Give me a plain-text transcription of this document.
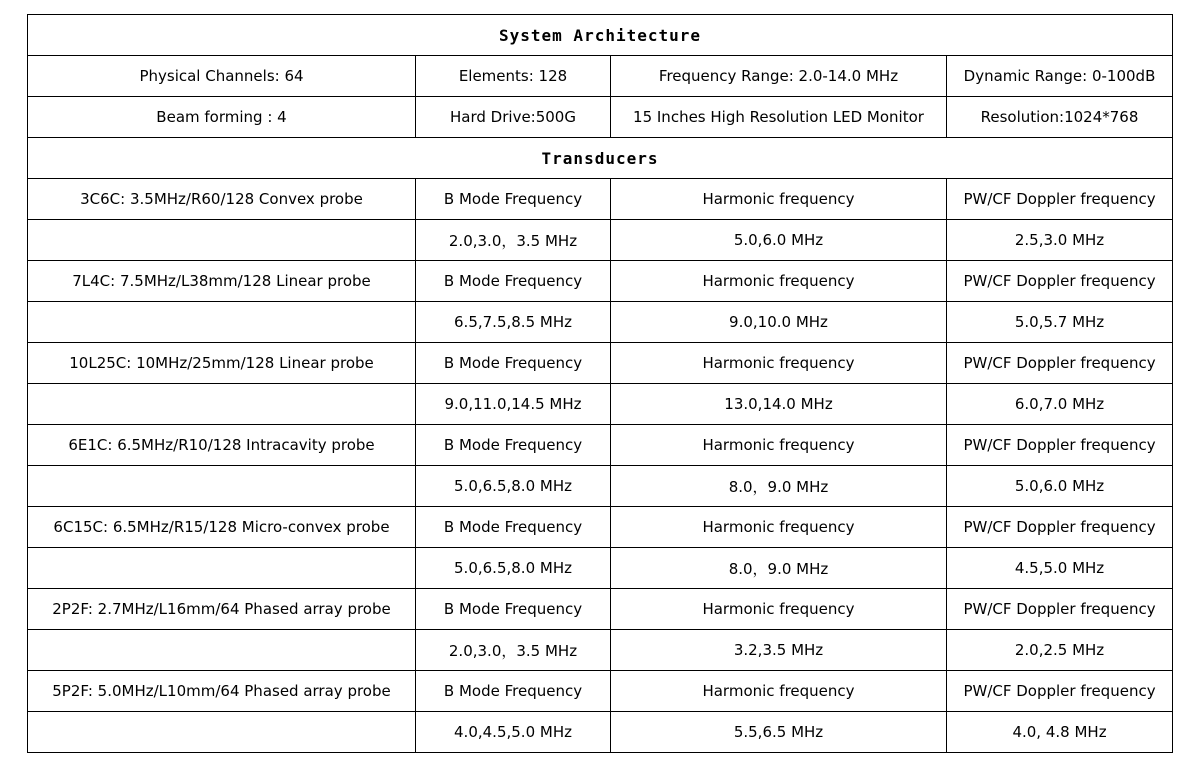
System Architecture			
Physical Channels: 64	Elements: 128	Frequency Range: 2.0-14.0 MHz	Dynamic Range: 0-100dB
Beam forming : 4	Hard Drive:500G	15 Inches High Resolution LED Monitor	Resolution:1024*768
Transducers			
3C6C: 3.5MHz/R60/128 Convex probe	B Mode Frequency	Harmonic frequency	PW/CF Doppler frequency
	2.0,3.0，3.5 MHz	5.0,6.0 MHz	2.5,3.0 MHz
7L4C: 7.5MHz/L38mm/128 Linear probe	B Mode Frequency	Harmonic frequency	PW/CF Doppler frequency
	6.5,7.5,8.5 MHz	9.0,10.0 MHz	5.0,5.7 MHz
10L25C: 10MHz/25mm/128 Linear probe	B Mode Frequency	Harmonic frequency	PW/CF Doppler frequency
	9.0,11.0,14.5 MHz	13.0,14.0 MHz	6.0,7.0 MHz
6E1C: 6.5MHz/R10/128 Intracavity probe	B Mode Frequency	Harmonic frequency	PW/CF Doppler frequency
	5.0,6.5,8.0 MHz	8.0，9.0 MHz	5.0,6.0 MHz
6C15C: 6.5MHz/R15/128 Micro-convex probe	B Mode Frequency	Harmonic frequency	PW/CF Doppler frequency
	5.0,6.5,8.0 MHz	8.0，9.0 MHz	4.5,5.0 MHz
2P2F: 2.7MHz/L16mm/64 Phased array probe	B Mode Frequency	Harmonic frequency	PW/CF Doppler frequency
	2.0,3.0，3.5 MHz	3.2,3.5 MHz	2.0,2.5 MHz
5P2F: 5.0MHz/L10mm/64 Phased array probe	B Mode Frequency	Harmonic frequency	PW/CF Doppler frequency
	4.0,4.5,5.0 MHz	5.5,6.5 MHz	4.0, 4.8 MHz
